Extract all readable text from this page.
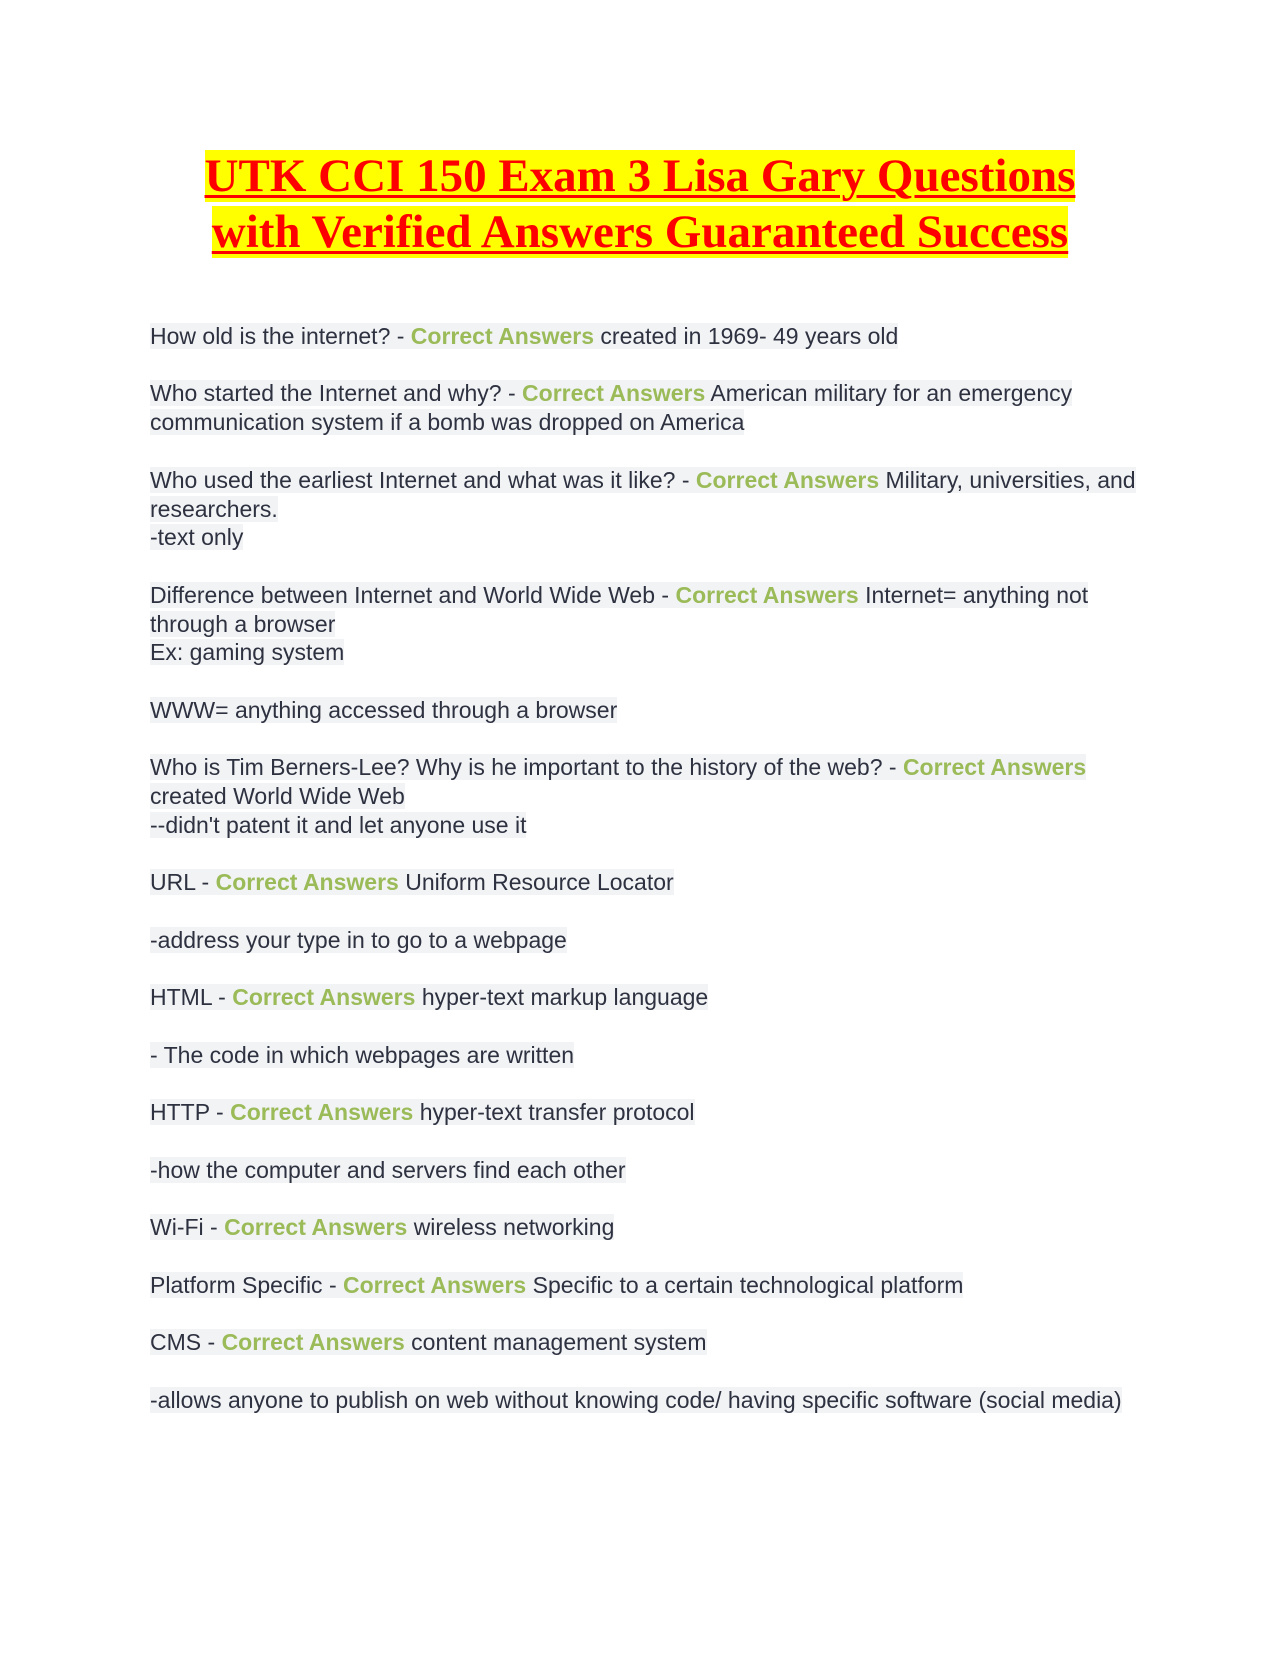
UTK CCI 150 Exam 3 Lisa Gary Questions
with Verified Answers Guaranteed Success
How old is the internet? - Correct Answers created in 1969- 49 years old
Who started the Internet and why? - Correct Answers American military for an emergency communication system if a bomb was dropped on America
Who used the earliest Internet and what was it like? - Correct Answers Military, universities, and researchers.
-text only
Difference between Internet and World Wide Web - Correct Answers Internet= anything not through a browser
Ex: gaming system
WWW= anything accessed through a browser
Who is Tim Berners-Lee? Why is he important to the history of the web? - Correct Answers created World Wide Web
--didn't patent it and let anyone use it
URL - Correct Answers Uniform Resource Locator
-address your type in to go to a webpage
HTML - Correct Answers hyper-text markup language
- The code in which webpages are written
HTTP - Correct Answers hyper-text transfer protocol
-how the computer and servers find each other
Wi-Fi - Correct Answers wireless networking
Platform Specific - Correct Answers Specific to a certain technological platform
CMS - Correct Answers content management system
-allows anyone to publish on web without knowing code/ having specific software (social media)
